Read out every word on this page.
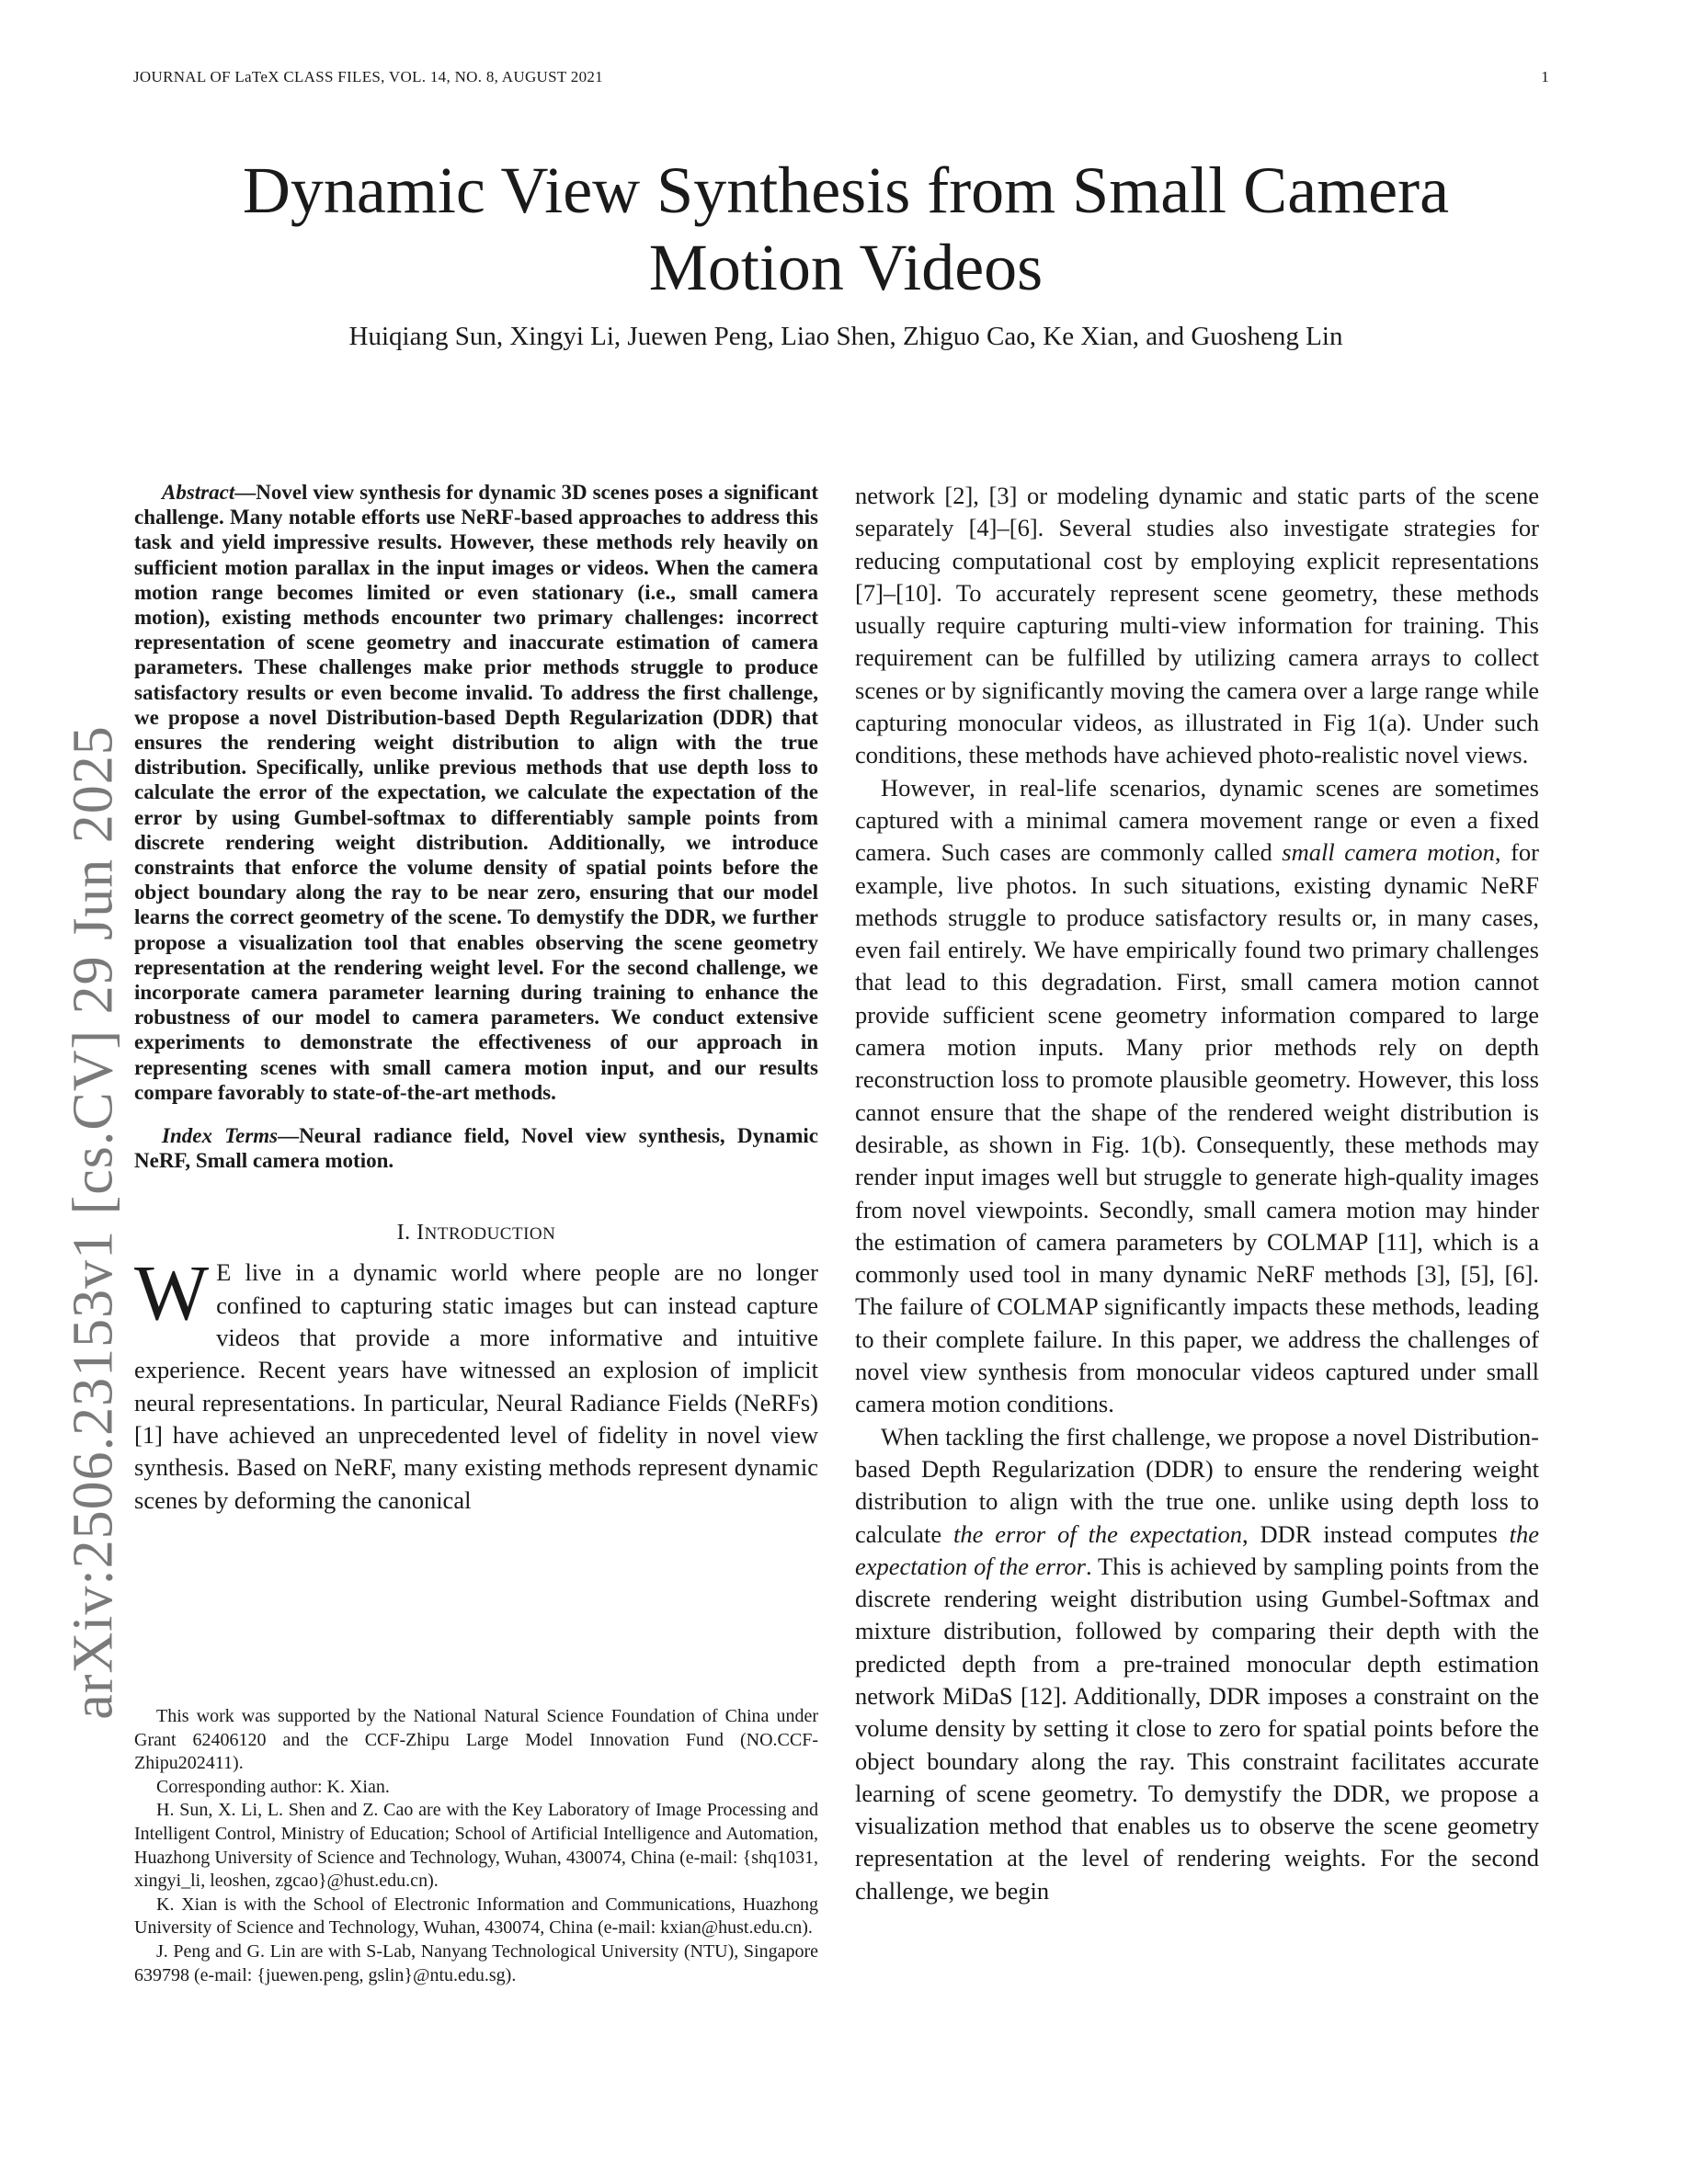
JOURNAL OF LaTeX CLASS FILES, VOL. 14, NO. 8, AUGUST 2021	1
arXiv:2506.23153v1 [cs.CV] 29 Jun 2025
Dynamic View Synthesis from Small Camera
Motion Videos
Huiqiang Sun, Xingyi Li, Juewen Peng, Liao Shen, Zhiguo Cao, Ke Xian, and Guosheng Lin

Abstract—Novel view synthesis for dynamic 3D scenes poses a significant challenge. Many notable efforts use NeRF-based approaches to address this task and yield impressive results. However, these methods rely heavily on sufficient motion parallax in the input images or videos. When the camera motion range becomes limited or even stationary (i.e., small camera motion), existing methods encounter two primary challenges: incorrect representation of scene geometry and inaccurate estimation of camera parameters. These challenges make prior methods struggle to produce satisfactory results or even become invalid. To address the first challenge, we propose a novel Distribution-based Depth Regularization (DDR) that ensures the rendering weight distribution to align with the true distribution. Specifically, unlike previous methods that use depth loss to calculate the error of the expectation, we calculate the expectation of the error by using Gumbel-softmax to differentiably sample points from discrete rendering weight distribution. Additionally, we introduce constraints that enforce the volume density of spatial points before the object boundary along the ray to be near zero, ensuring that our model learns the correct geometry of the scene. To demystify the DDR, we further propose a visualization tool that enables observing the scene geometry representation at the rendering weight level. For the second challenge, we incorporate camera parameter learning during training to enhance the robustness of our model to camera parameters. We conduct extensive experiments to demonstrate the effectiveness of our approach in representing scenes with small camera motion input, and our results compare favorably to state-of-the-art methods.

Index Terms—Neural radiance field, Novel view synthesis, Dynamic NeRF, Small camera motion.

I. INTRODUCTION

W E live in a dynamic world where people are no longer confined to capturing static images but can instead capture videos that provide a more informative and intuitive experience. Recent years have witnessed an explosion of implicit neural representations. In particular, Neural Radiance Fields (NeRFs) [1] have achieved an unprecedented level of fidelity in novel view synthesis. Based on NeRF, many existing methods represent dynamic scenes by deforming the canonical

This work was supported by the National Natural Science Foundation of China under Grant 62406120 and the CCF-Zhipu Large Model Innovation Fund (NO.CCF-Zhipu202411).

Corresponding author: K. Xian.

H. Sun, X. Li, L. Shen and Z. Cao are with the Key Laboratory of Image Processing and Intelligent Control, Ministry of Education; School of Artificial Intelligence and Automation, Huazhong University of Science and Technology, Wuhan, 430074, China (e-mail: {shq1031, xingyi_li, leoshen, zgcao}@hust.edu.cn).

K. Xian is with the School of Electronic Information and Communications, Huazhong University of Science and Technology, Wuhan, 430074, China (e-mail: kxian@hust.edu.cn).

J. Peng and G. Lin are with S-Lab, Nanyang Technological University (NTU), Singapore 639798 (e-mail: {juewen.peng, gslin}@ntu.edu.sg).

network [2], [3] or modeling dynamic and static parts of the scene separately [4]–[6]. Several studies also investigate strategies for reducing computational cost by employing explicit representations [7]–[10]. To accurately represent scene geometry, these methods usually require capturing multi-view information for training. This requirement can be fulfilled by utilizing camera arrays to collect scenes or by significantly moving the camera over a large range while capturing monocular videos, as illustrated in Fig 1(a). Under such conditions, these methods have achieved photo-realistic novel views.

However, in real-life scenarios, dynamic scenes are sometimes captured with a minimal camera movement range or even a fixed camera. Such cases are commonly called small camera motion, for example, live photos. In such situations, existing dynamic NeRF methods struggle to produce satisfactory results or, in many cases, even fail entirely. We have empirically found two primary challenges that lead to this degradation. First, small camera motion cannot provide sufficient scene geometry information compared to large camera motion inputs. Many prior methods rely on depth reconstruction loss to promote plausible geometry. However, this loss cannot ensure that the shape of the rendered weight distribution is desirable, as shown in Fig. 1(b). Consequently, these methods may render input images well but struggle to generate high-quality images from novel viewpoints. Secondly, small camera motion may hinder the estimation of camera parameters by COLMAP [11], which is a commonly used tool in many dynamic NeRF methods [3], [5], [6]. The failure of COLMAP significantly impacts these methods, leading to their complete failure. In this paper, we address the challenges of novel view synthesis from monocular videos captured under small camera motion conditions.

When tackling the first challenge, we propose a novel Distribution-based Depth Regularization (DDR) to ensure the rendering weight distribution to align with the true one. unlike using depth loss to calculate the error of the expectation, DDR instead computes the expectation of the error. This is achieved by sampling points from the discrete rendering weight distribution using Gumbel-Softmax and mixture distribution, followed by comparing their depth with the predicted depth from a pre-trained monocular depth estimation network MiDaS [12]. Additionally, DDR imposes a constraint on the volume density by setting it close to zero for spatial points before the object boundary along the ray. This constraint facilitates accurate learning of scene geometry. To demystify the DDR, we propose a visualization method that enables us to observe the scene geometry representation at the level of rendering weights. For the second challenge, we begin
